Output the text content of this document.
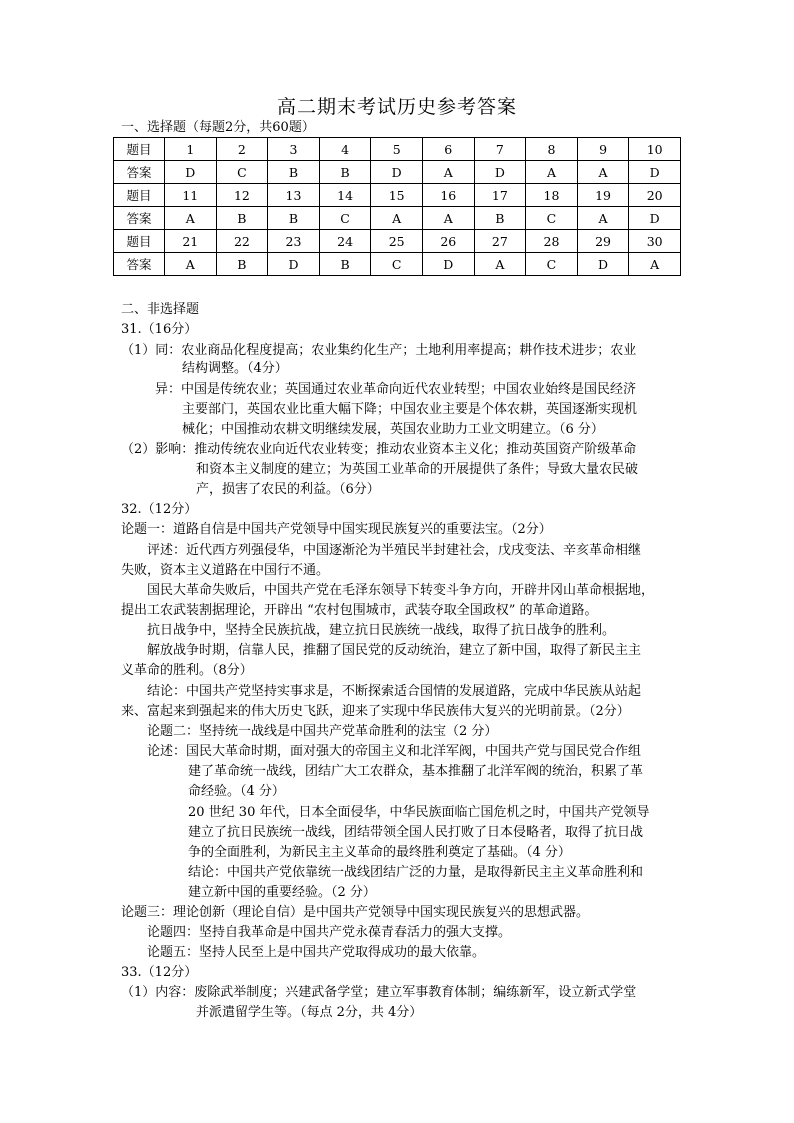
高二期末考试历史参考答案
一、选择题（每题2分，共60题）
题目	1	2	3	4	5	6	7	8	9	10
答案	D	C	B	B	D	A	D	A	A	D
题目	11	12	13	14	15	16	17	18	19	20
答案	A	B	B	C	A	A	B	C	A	D
题目	21	22	23	24	25	26	27	28	29	30
答案	A	B	D	B	C	D	A	C	D	A
二、非选择题
31.（16分）
（1）同：农业商品化程度提高；农业集约化生产；土地利用率提高；耕作技术进步；农业
结构调整。（4分）
异：中国是传统农业；英国通过农业革命向近代农业转型；中国农业始终是国民经济
主要部门，英国农业比重大幅下降；中国农业主要是个体农耕，英国逐渐实现机
械化；中国推动农耕文明继续发展，英国农业助力工业文明建立。（6 分）
（2）影响：推动传统农业向近代农业转变；推动农业资本主义化；推动英国资产阶级革命
和资本主义制度的建立；为英国工业革命的开展提供了条件；导致大量农民破
产，损害了农民的利益。（6分）
32.（12分）
论题一：道路自信是中国共产党领导中国实现民族复兴的重要法宝。（2分）
评述：近代西方列强侵华，中国逐渐沦为半殖民半封建社会，戊戌变法、辛亥革命相继
失败，资本主义道路在中国行不通。
国民大革命失败后，中国共产党在毛泽东领导下转变斗争方向，开辟井冈山革命根据地，
提出工农武装割据理论，开辟出 “农村包围城市，武装夺取全国政权” 的革命道路。
抗日战争中，坚持全民族抗战，建立抗日民族统一战线，取得了抗日战争的胜利。
解放战争时期，信靠人民，推翻了国民党的反动统治，建立了新中国，取得了新民主主
义革命的胜利。（8分）
结论：中国共产党坚持实事求是，不断探索适合国情的发展道路，完成中华民族从站起
来、富起来到强起来的伟大历史飞跃，迎来了实现中华民族伟大复兴的光明前景。（2分）
论题二：坚持统一战线是中国共产党革命胜利的法宝（2 分）
论述：国民大革命时期，面对强大的帝国主义和北洋军阀，中国共产党与国民党合作组
建了革命统一战线，团结广大工农群众，基本推翻了北洋军阀的统治，积累了革
命经验。（4 分）
20 世纪 30 年代，日本全面侵华，中华民族面临亡国危机之时，中国共产党领导
建立了抗日民族统一战线，团结带领全国人民打败了日本侵略者，取得了抗日战
争的全面胜利，为新民主主义革命的最终胜利奠定了基础。（4 分）
结论：中国共产党依靠统一战线团结广泛的力量，是取得新民主主义革命胜利和
建立新中国的重要经验。（2 分）
论题三：理论创新（理论自信）是中国共产党领导中国实现民族复兴的思想武器。
论题四：坚持自我革命是中国共产党永葆青春活力的强大支撑。
论题五：坚持人民至上是中国共产党取得成功的最大依靠。
33.（12分）
（1）内容：废除武举制度；兴建武备学堂；建立军事教育体制；编练新军，设立新式学堂
并派遣留学生等。（每点 2分，共 4分）
